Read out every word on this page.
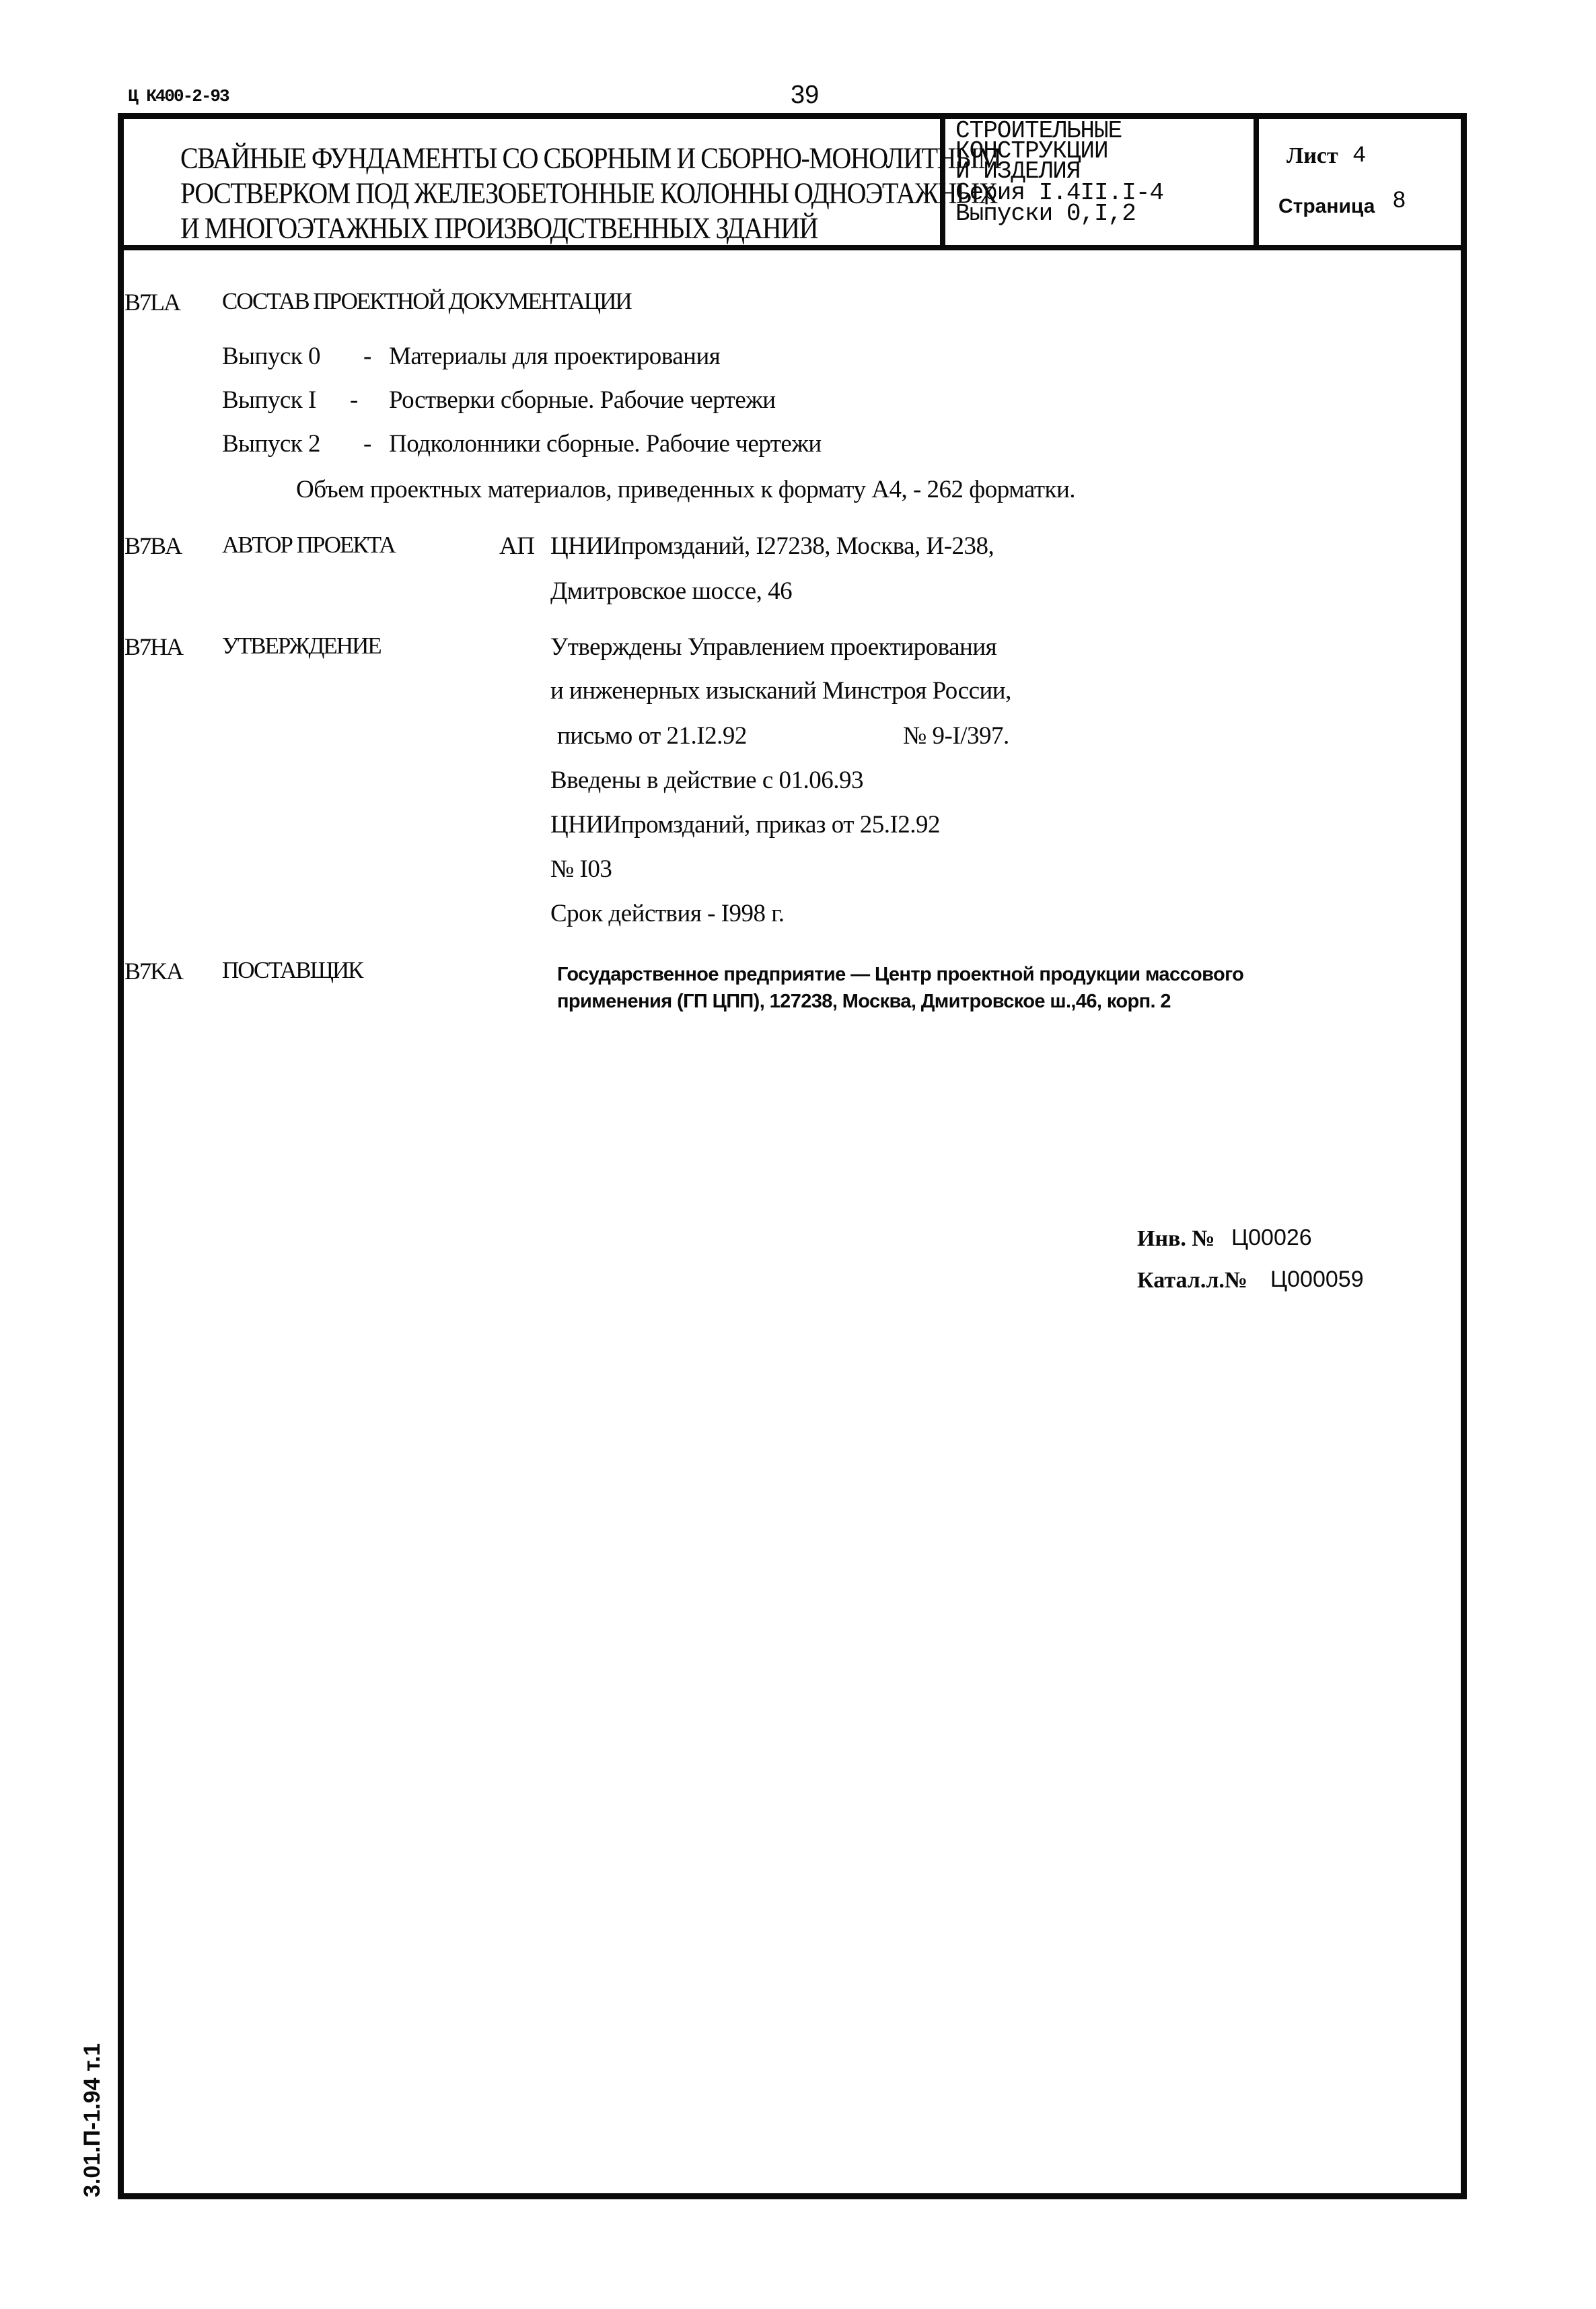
Ц К400-2-93	39
СВАЙНЫЕ ФУНДАМЕНТЫ СО СБОРНЫМ И СБОРНО-МОНОЛИТНЫМ
РОСТВЕРКОМ ПОД ЖЕЛЕЗОБЕТОННЫЕ КОЛОННЫ ОДНОЭТАЖНЫХ
И МНОГОЭТАЖНЫХ ПРОИЗВОДСТВЕННЫХ ЗДАНИЙ
СТРОИТЕЛЬНЫЕ
КОНСТРУКЦИИ
И ИЗДЕЛИЯ
Серия I.4II.I-4
Выпуски 0,I,2
Лист 4
Страница 8
B7LA СОСТАВ ПРОЕКТНОЙ ДОКУМЕНТАЦИИ
Выпуск 0 - Материалы для проектирования
Выпуск I - Ростверки сборные. Рабочие чертежи
Выпуск 2 - Подколонники сборные. Рабочие чертежи
Объем проектных материалов, приведенных к формату А4, - 262 форматки.
B7BA АВТОР ПРОЕКТА	АП ЦНИИпромзданий, I27238, Москва, И-238,
Дмитровское шоссе, 46
B7HA УТВЕРЖДЕНИЕ	Утверждены Управлением проектирования
и инженерных изысканий Минстроя России,
письмо от 21.I2.92	№ 9-I/397.
Введены в действие с 01.06.93
ЦНИИпромзданий, приказ от 25.I2.92
№ I03
Срок действия - I998 г.
B7KA ПОСТАВЩИК	Государственное предприятие — Центр проектной продукции массового
применения (ГП ЦПП), 127238, Москва, Дмитровское ш.,46, корп. 2
Инв. № Ц00026
Катал.л.№ Ц000059
3.01.П-1.94 т.1
